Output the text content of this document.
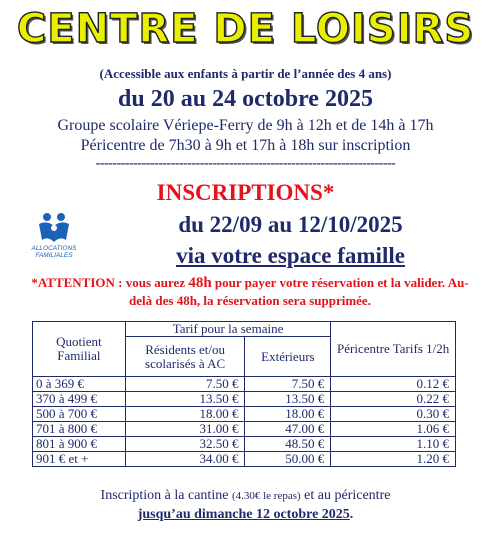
CENTRE DE LOISIRS
(Accessible aux enfants à partir de l’année des 4 ans)
du 20 au 24 octobre 2025
Groupe scolaire Vériepe-Ferry de 9h à 12h et de 14h à 17h
Péricentre de 7h30 à 9h et 17h à 18h sur inscription
------------------------------------------------------------------------
INSCRIPTIONS*
ALLOCATIONS
FAMILIALES
du 22/09 au 12/10/2025
via votre espace famille
*ATTENTION : vous aurez 48h pour payer votre réservation et la valider. Au-delà des 48h, la réservation sera supprimée.
Quotient Familial	Tarif pour la semaine		Péricentre Tarifs 1/2h
	Résidents et/ou scolarisés à AC	Extérieurs	
0 à 369 €	7.50 €	7.50 €	0.12 €
370 à 499 €	13.50 €	13.50 €	0.22 €
500 à 700 €	18.00 €	18.00 €	0.30 €
701 à 800 €	31.00 €	47.00 €	1.06 €
801 à 900 €	32.50 €	48.50 €	1.10 €
901 € et +	34.00 €	50.00 €	1.20 €
Inscription à la cantine (4.30€ le repas) et au péricentre
jusqu’au dimanche 12 octobre 2025.
